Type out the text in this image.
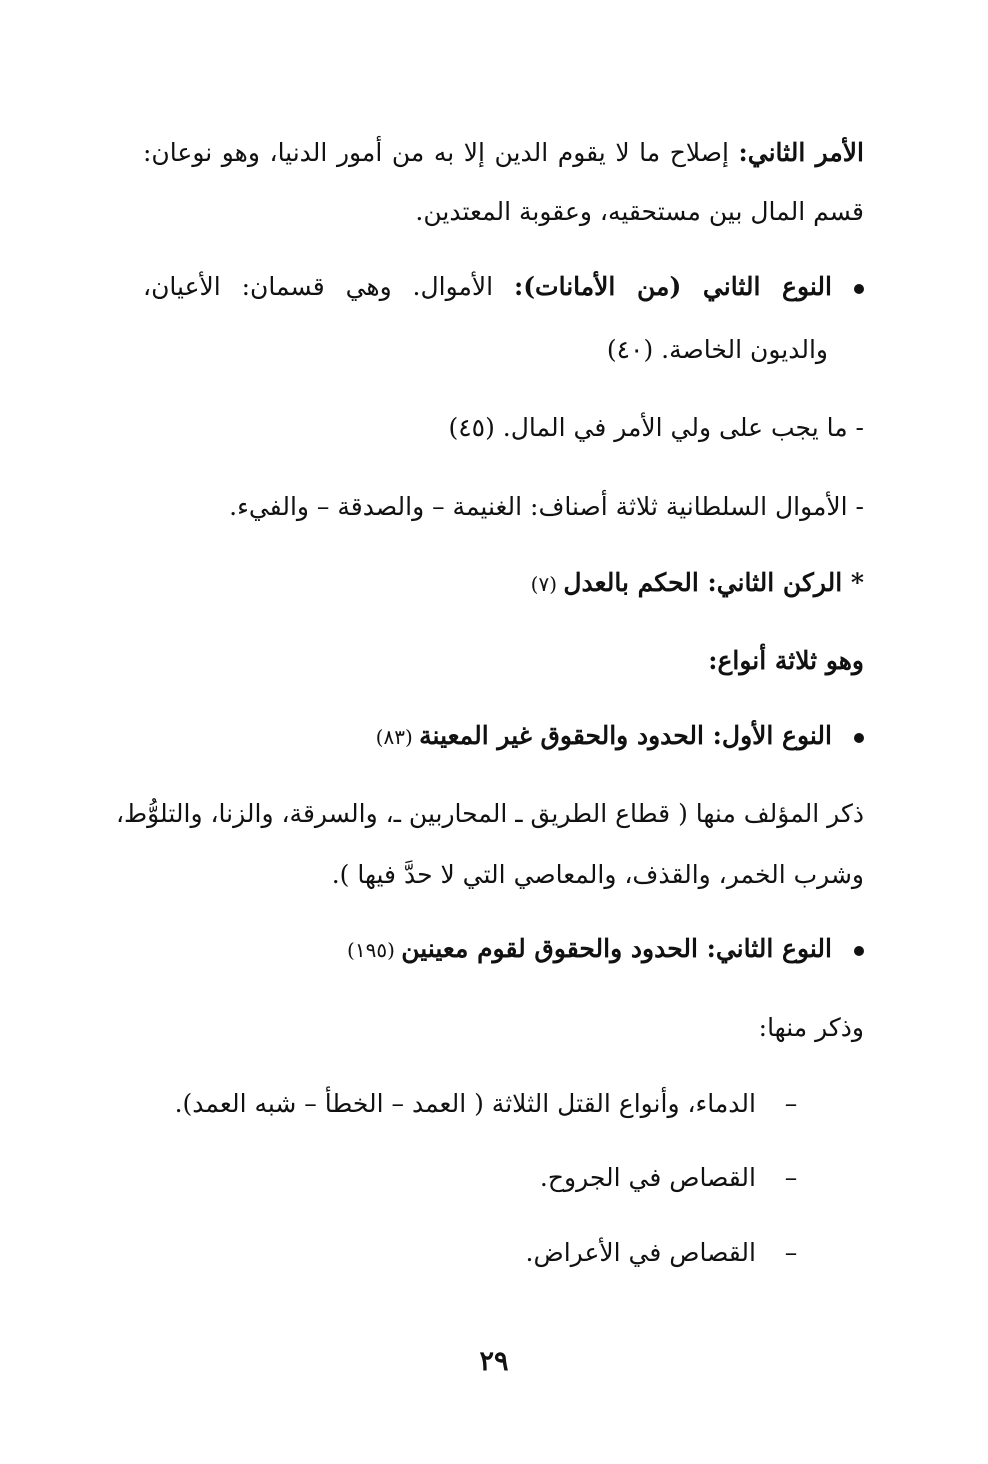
الأمر الثاني: إصلاح ما لا يقوم الدين إلا به من أمور الدنيا، وهو نوعان:
قسم المال بين مستحقيه، وعقوبة المعتدين.
النوع الثاني (من الأمانات): الأموال. وهي قسمان: الأعيان،
والديون الخاصة. (٤٠)
- ما يجب على ولي الأمر في المال. (٤٥)
- الأموال السلطانية ثلاثة أصناف: الغنيمة – والصدقة – والفيء.
* الركن الثاني: الحكم بالعدل (٧)
وهو ثلاثة أنواع:
النوع الأول: الحدود والحقوق غير المعينة (٨٣)
ذكر المؤلف منها ( قطاع الطريق ـ المحاربين ـ، والسرقة، والزنا، والتلوُّط،
وشرب الخمر، والقذف، والمعاصي التي لا حدَّ فيها ).
النوع الثاني: الحدود والحقوق لقوم معينين (١٩٥)
وذكر منها:
–الدماء، وأنواع القتل الثلاثة ( العمد – الخطأ – شبه العمد).
–القصاص في الجروح.
–القصاص في الأعراض.
٢٩
